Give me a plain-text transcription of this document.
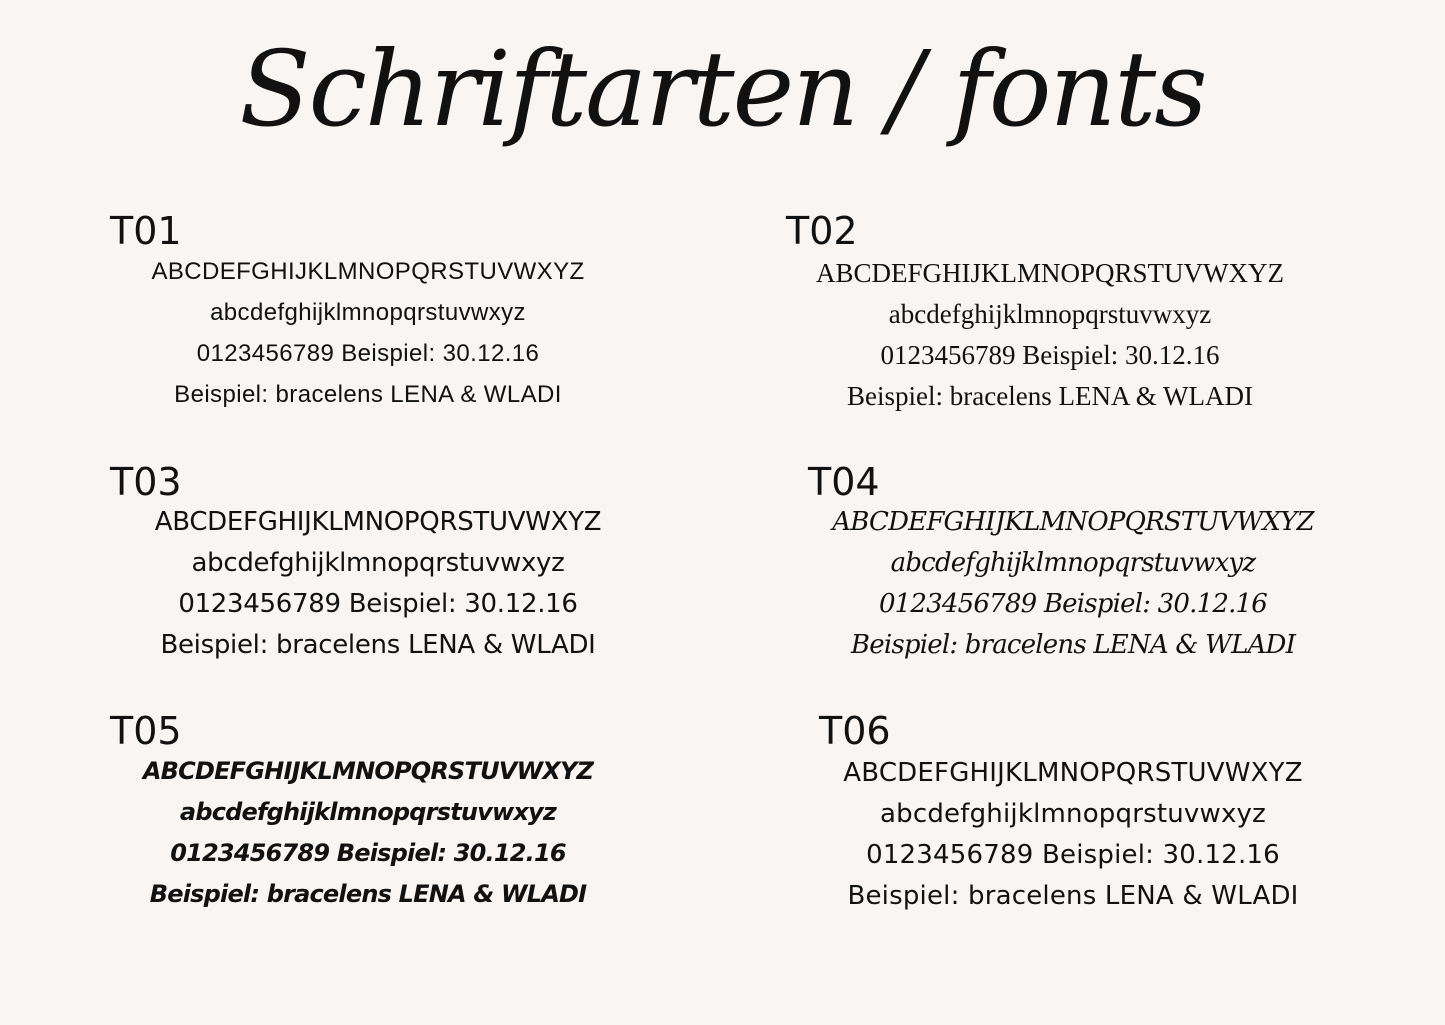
Schriftarten / fonts
T01
ABCDEFGHIJKLMNOPQRSTUVWXYZ
abcdefghijklmnopqrstuvwxyz
0123456789 Beispiel: 30.12.16
Beispiel: bracelens LENA & WLADI
T02
ABCDEFGHIJKLMNOPQRSTUVWXYZ
abcdefghijklmnopqrstuvwxyz
0123456789 Beispiel: 30.12.16
Beispiel: bracelens LENA & WLADI
T03
ABCDEFGHIJKLMNOPQRSTUVWXYZ
abcdefghijklmnopqrstuvwxyz
0123456789 Beispiel: 30.12.16
Beispiel: bracelens LENA & WLADI
T04
ABCDEFGHIJKLMNOPQRSTUVWXYZ
abcdefghijklmnopqrstuvwxyz
0123456789 Beispiel: 30.12.16
Beispiel: bracelens LENA & WLADI
T05
ABCDEFGHIJKLMNOPQRSTUVWXYZ
abcdefghijklmnopqrstuvwxyz
0123456789 Beispiel: 30.12.16
Beispiel: bracelens LENA & WLADI
T06
ABCDEFGHIJKLMNOPQRSTUVWXYZ
abcdefghijklmnopqrstuvwxyz
0123456789 Beispiel: 30.12.16
Beispiel: bracelens LENA & WLADI
